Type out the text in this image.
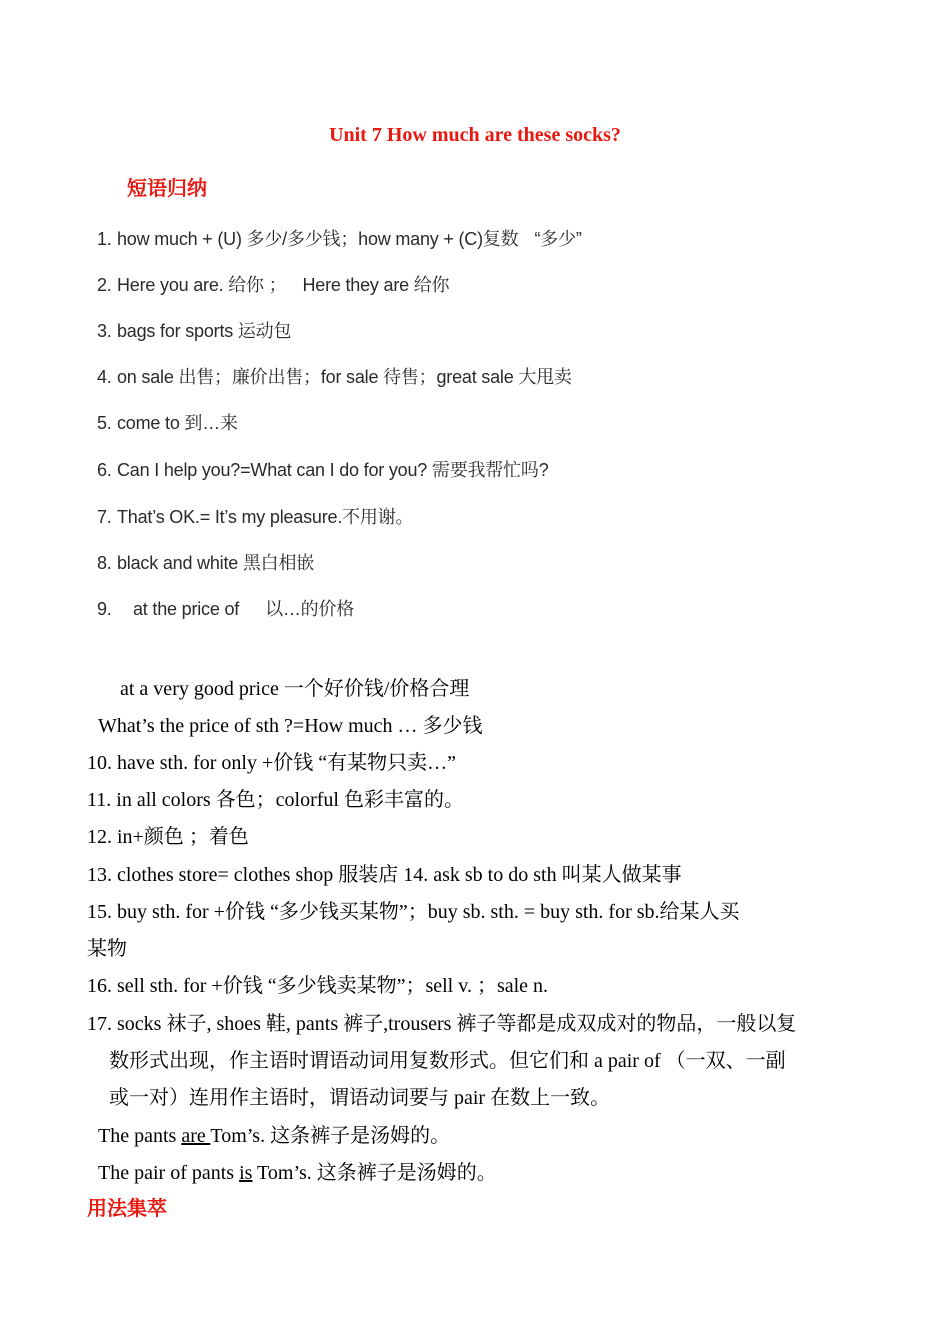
Unit 7 How much are these socks?
短语归纳
1. how much + (U) 多少/多少钱；how many + (C)复数 “多少”
2. Here you are. 给你 ； Here they are 给你
3. bags for sports 运动包
4. on sale 出售；廉价出售；for sale 待售；great sale 大甩卖
5. come to 到…来
6. Can I help you?=What can I do for you? 需要我帮忙吗?
7. That’s OK.= It’s my pleasure.不用谢。
8. black and white 黑白相嵌
9. at the price of 以…的价格
at a very good price 一个好价钱/价格合理
What’s the price of sth ?=How much … 多少钱
10. have sth. for only +价钱 “有某物只卖…”
11. in all colors 各色；colorful 色彩丰富的。
12. in+颜色 ；着色
13. clothes store= clothes shop 服装店 14. ask sb to do sth 叫某人做某事
15. buy sth. for +价钱 “多少钱买某物”；buy sb. sth. = buy sth. for sb.给某人买
某物
16. sell sth. for +价钱 “多少钱卖某物”；sell v. ；sale n.
17. socks 袜子, shoes 鞋, pants 裤子,trousers 裤子等都是成双成对的物品，一般以复
数形式出现，作主语时谓语动词用复数形式。但它们和 a pair of （一双、一副
或一对）连用作主语时，谓语动词要与 pair 在数上一致。
The pants are Tom’s. 这条裤子是汤姆的。
The pair of pants is Tom’s. 这条裤子是汤姆的。
用法集萃
